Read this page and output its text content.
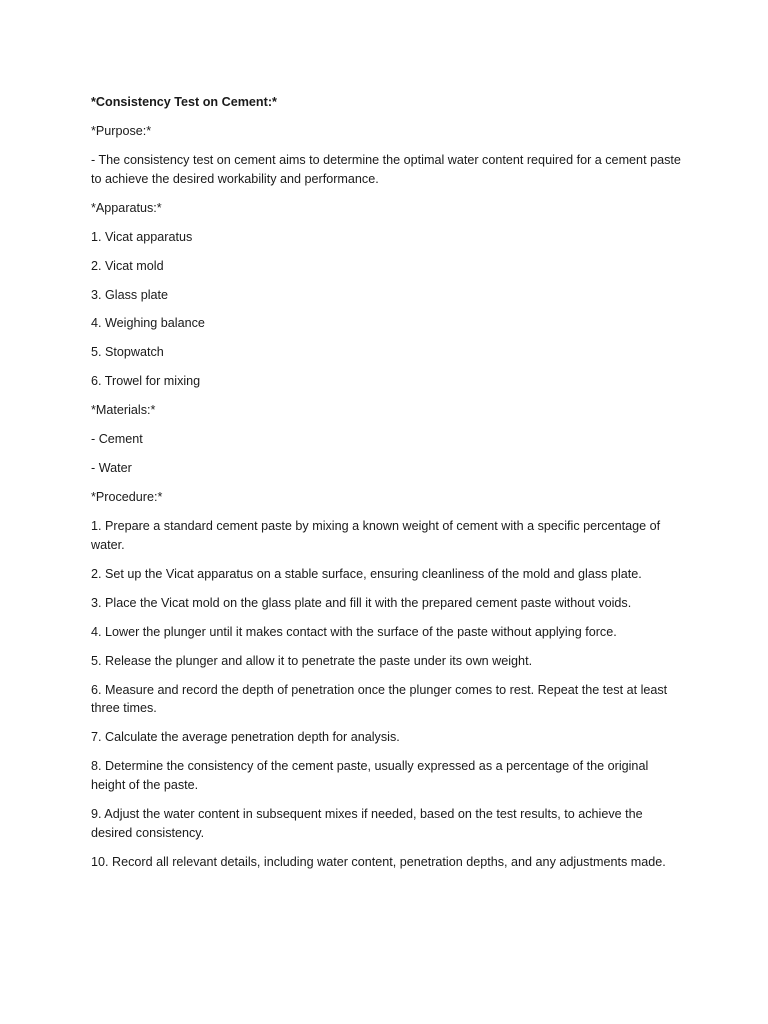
*Consistency Test on Cement:*

*Purpose:*

- The consistency test on cement aims to determine the optimal water content required for a cement paste to achieve the desired workability and performance.

*Apparatus:*

1. Vicat apparatus

2. Vicat mold

3. Glass plate

4. Weighing balance

5. Stopwatch

6. Trowel for mixing

*Materials:*

- Cement

- Water

*Procedure:*

1. Prepare a standard cement paste by mixing a known weight of cement with a specific percentage of water.

2. Set up the Vicat apparatus on a stable surface, ensuring cleanliness of the mold and glass plate.

3. Place the Vicat mold on the glass plate and fill it with the prepared cement paste without voids.

4. Lower the plunger until it makes contact with the surface of the paste without applying force.

5. Release the plunger and allow it to penetrate the paste under its own weight.

6. Measure and record the depth of penetration once the plunger comes to rest. Repeat the test at least three times.

7. Calculate the average penetration depth for analysis.

8. Determine the consistency of the cement paste, usually expressed as a percentage of the original height of the paste.

9. Adjust the water content in subsequent mixes if needed, based on the test results, to achieve the desired consistency.

10. Record all relevant details, including water content, penetration depths, and any adjustments made.
